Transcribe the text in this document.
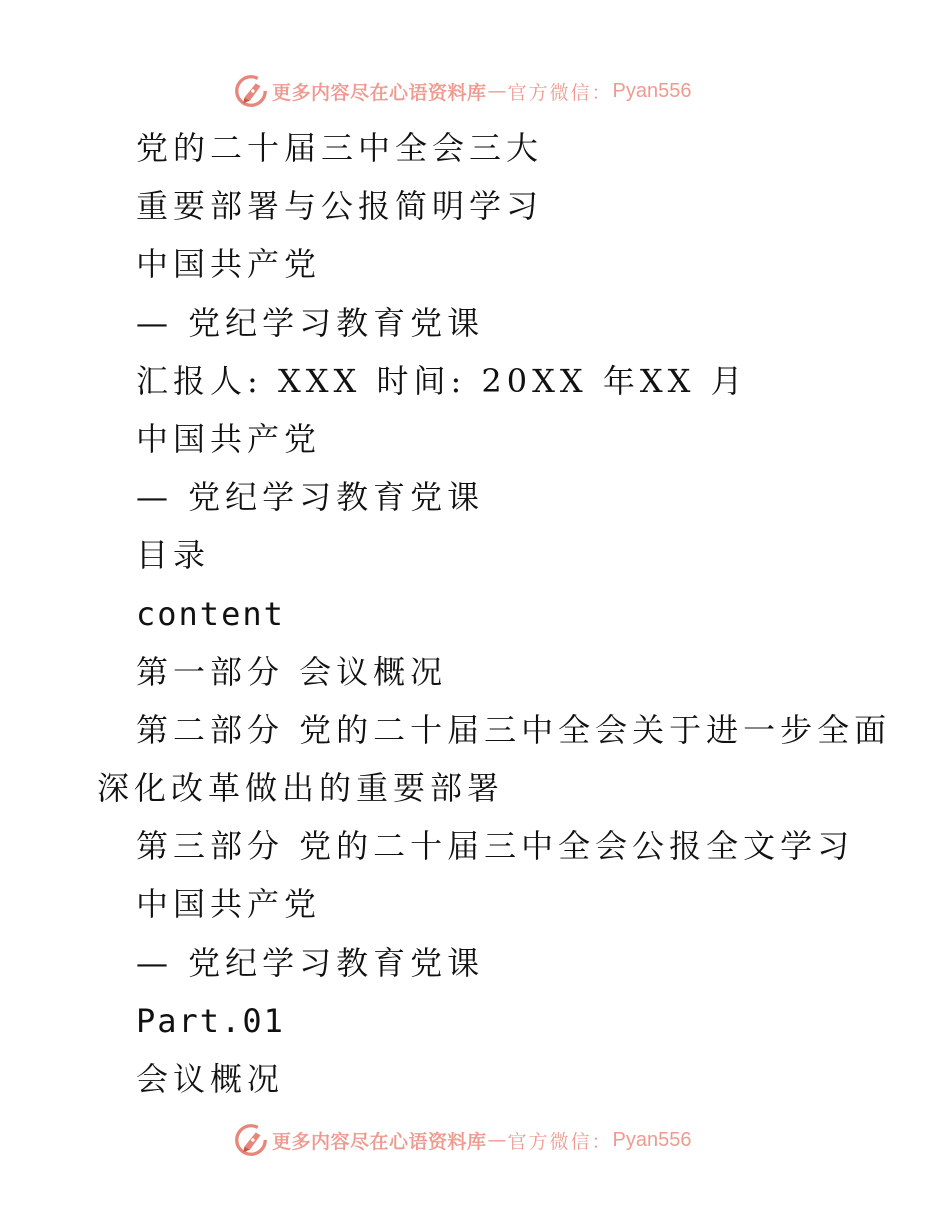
更多内容尽在心语资料库 — 官方微信： Pyan556
党的二十届三中全会三大
重要部署与公报简明学习
中国共产党
— 党纪学习教育党课
汇报人: XXX 时间: 20XX 年XX 月
中国共产党
— 党纪学习教育党课
目录
content
第一部分 会议概况
第二部分 党的二十届三中全会关于进一步全面
深化改革做出的重要部署
第三部分 党的二十届三中全会公报全文学习
中国共产党
— 党纪学习教育党课
Part.01
会议概况
更多内容尽在心语资料库 — 官方微信： Pyan556
